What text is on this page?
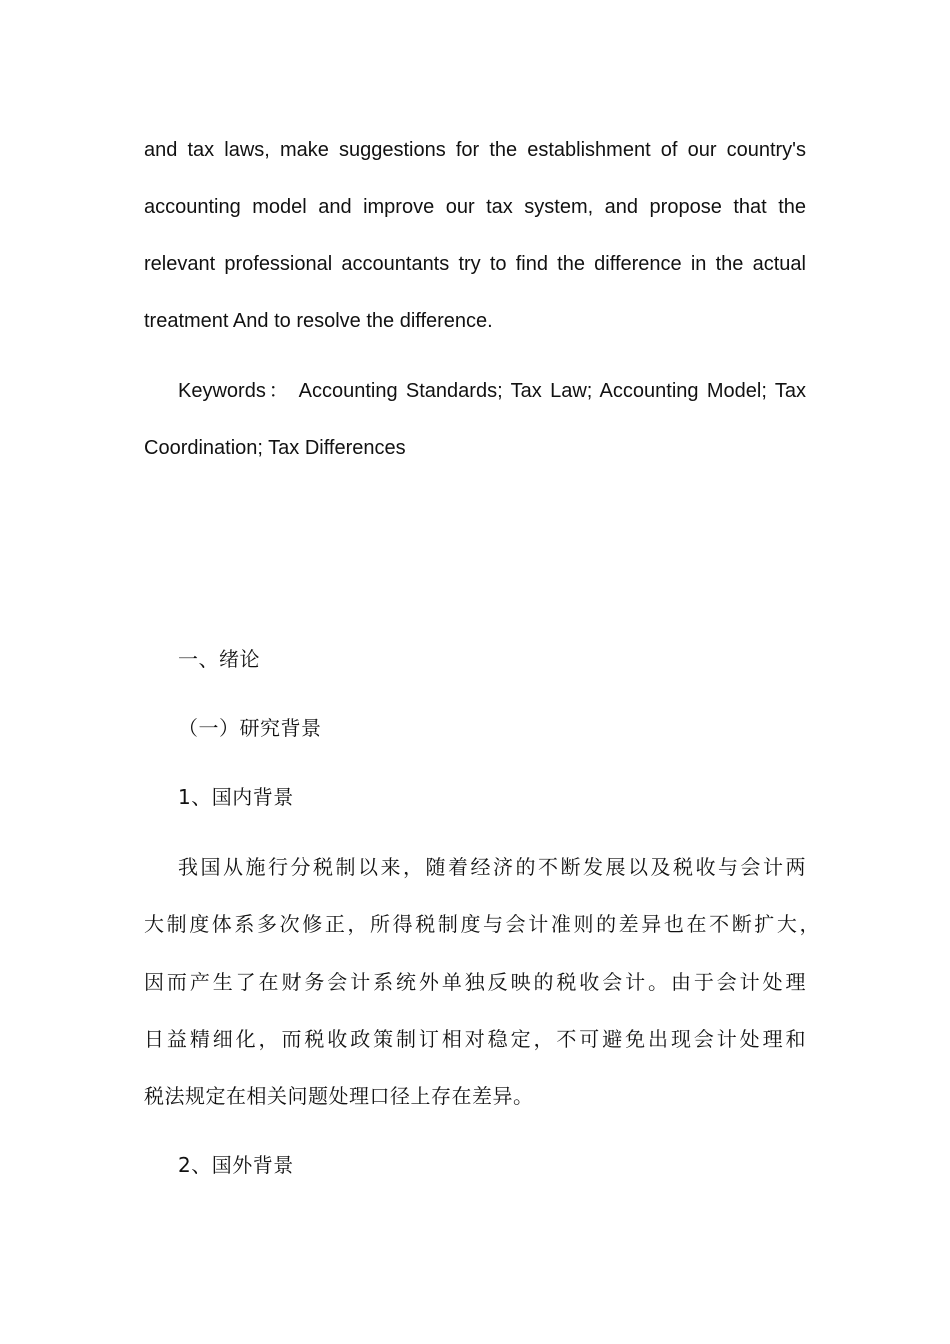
and tax laws, make suggestions for the establishment of our country's
accounting model and improve our tax system, and propose that the
relevant professional accountants try to find the difference in the actual
treatment And to resolve the difference.
Keywords： Accounting Standards; Tax Law; Accounting Model; Tax
Coordination; Tax Differences
一、绪论
（一）研究背景
1、国内背景
我国从施行分税制以来，随着经济的不断发展以及税收与会计两
大制度体系多次修正，所得税制度与会计准则的差异也在不断扩大，
因而产生了在财务会计系统外单独反映的税收会计。由于会计处理
日益精细化，而税收政策制订相对稳定，不可避免出现会计处理和
税法规定在相关问题处理口径上存在差异。
2、国外背景
